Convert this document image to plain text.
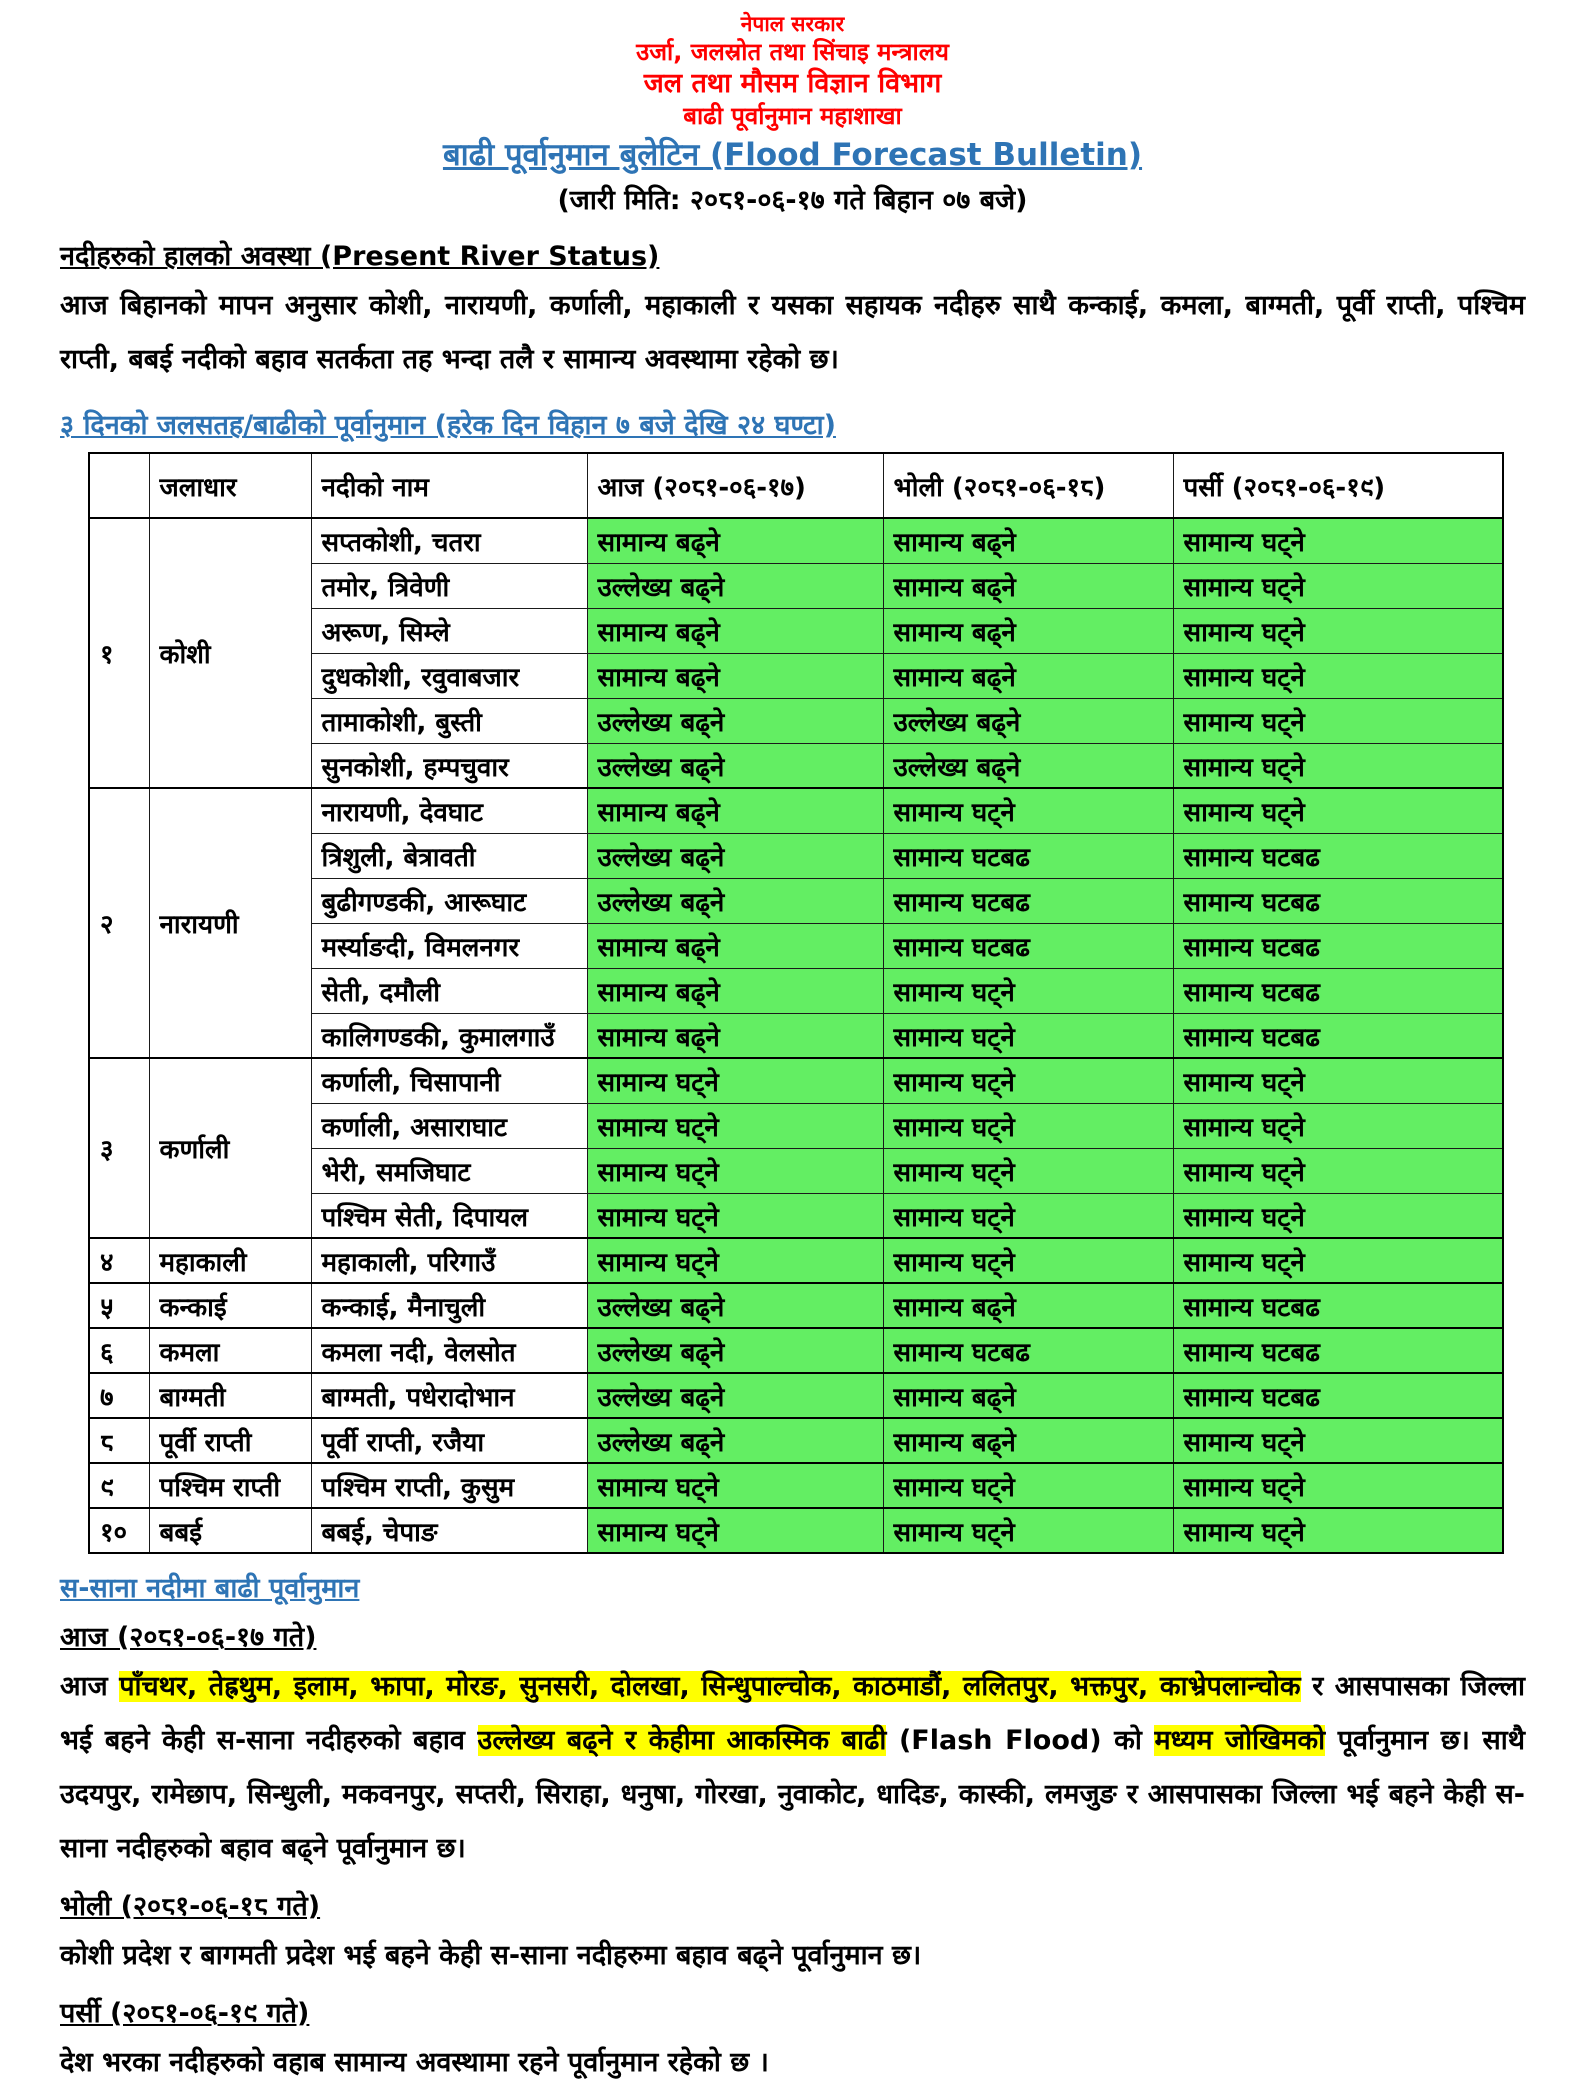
नेपाल सरकार
उर्जा, जलस्रोत तथा सिंचाइ मन्त्रालय
जल तथा मौसम विज्ञान विभाग
बाढी पूर्वानुमान महाशाखा
बाढी पूर्वानुमान बुलेटिन (Flood Forecast Bulletin)
(जारी मिति: २०८१-०६-१७ गते बिहान ०७ बजे)
नदीहरुको हालको अवस्था (Present River Status)
आज बिहानको मापन अनुसार कोशी, नारायणी, कर्णाली, महाकाली र यसका सहायक नदीहरु साथै कन्काई, कमला, बाग्मती, पूर्वी राप्ती, पश्चिम राप्ती, बबई नदीको बहाव सतर्कता तह भन्दा तलै र सामान्य अवस्थामा रहेको छ।
३ दिनको जलसतह/बाढीको पूर्वानुमान (हरेक दिन विहान ७ बजे देखि २४ घण्टा)
	जलाधार	नदीको नाम	आज (२०८१-०६-१७)	भोली (२०८१-०६-१८)	पर्सी (२०८१-०६-१९)
१	कोशी	सप्तकोशी, चतरा	सामान्य बढ्ने	सामान्य बढ्ने	सामान्य घट्ने
		तमोर, त्रिवेणी	उल्लेख्य बढ्ने	सामान्य बढ्ने	सामान्य घट्ने
		अरूण, सिम्ले	सामान्य बढ्ने	सामान्य बढ्ने	सामान्य घट्ने
		दुधकोशी, रवुवाबजार	सामान्य बढ्ने	सामान्य बढ्ने	सामान्य घट्ने
		तामाकोशी, बुस्ती	उल्लेख्य बढ्ने	उल्लेख्य बढ्ने	सामान्य घट्ने
		सुनकोशी, हम्पचुवार	उल्लेख्य बढ्ने	उल्लेख्य बढ्ने	सामान्य घट्ने
२	नारायणी	नारायणी, देवघाट	सामान्य बढ्ने	सामान्य घट्ने	सामान्य घट्ने
		त्रिशुली, बेत्रावती	उल्लेख्य बढ्ने	सामान्य घटबढ	सामान्य घटबढ
		बुढीगण्डकी, आरूघाट	उल्लेख्य बढ्ने	सामान्य घटबढ	सामान्य घटबढ
		मर्स्याङदी, विमलनगर	सामान्य बढ्ने	सामान्य घटबढ	सामान्य घटबढ
		सेती, दमौली	सामान्य बढ्ने	सामान्य घट्ने	सामान्य घटबढ
		कालिगण्डकी, कुमालगाउँ	सामान्य बढ्ने	सामान्य घट्ने	सामान्य घटबढ
३	कर्णाली	कर्णाली, चिसापानी	सामान्य घट्ने	सामान्य घट्ने	सामान्य घट्ने
		कर्णाली, असाराघाट	सामान्य घट्ने	सामान्य घट्ने	सामान्य घट्ने
		भेरी, समजिघाट	सामान्य घट्ने	सामान्य घट्ने	सामान्य घट्ने
		पश्चिम सेती, दिपायल	सामान्य घट्ने	सामान्य घट्ने	सामान्य घट्ने
४	महाकाली	महाकाली, परिगाउँ	सामान्य घट्ने	सामान्य घट्ने	सामान्य घट्ने
५	कन्काई	कन्काई, मैनाचुली	उल्लेख्य बढ्ने	सामान्य बढ्ने	सामान्य घटबढ
६	कमला	कमला नदी, वेलसोत	उल्लेख्य बढ्ने	सामान्य घटबढ	सामान्य घटबढ
७	बाग्मती	बाग्मती, पधेरादोभान	उल्लेख्य बढ्ने	सामान्य बढ्ने	सामान्य घटबढ
८	पूर्वी राप्ती	पूर्वी राप्ती, रजैया	उल्लेख्य बढ्ने	सामान्य बढ्ने	सामान्य घट्ने
९	पश्चिम राप्ती	पश्चिम राप्ती, कुसुम	सामान्य घट्ने	सामान्य घट्ने	सामान्य घट्ने
१०	बबई	बबई, चेपाङ	सामान्य घट्ने	सामान्य घट्ने	सामान्य घट्ने
स-साना नदीमा बाढी पूर्वानुमान
आज (२०८१-०६-१७ गते)
आज पाँचथर, तेह्रथुम, इलाम, झापा, मोरङ, सुनसरी, दोलखा, सिन्धुपाल्चोक, काठमाडौं, ललितपुर, भक्तपुर, काभ्रेपलान्चोक र आसपासका जिल्ला भई बहने केही स-साना नदीहरुको बहाव उल्लेख्य बढ्ने र केहीमा आकस्मिक बाढी (Flash Flood) को मध्यम जोखिमको पूर्वानुमान छ। साथै उदयपुर, रामेछाप, सिन्धुली, मकवनपुर, सप्तरी, सिराहा, धनुषा, गोरखा, नुवाकोट, धादिङ, कास्की, लमजुङ र आसपासका जिल्ला भई बहने केही स-साना नदीहरुको बहाव बढ्ने पूर्वानुमान छ।
भोली (२०८१-०६-१८ गते)
कोशी प्रदेश र बागमती प्रदेश भई बहने केही स-साना नदीहरुमा बहाव बढ्ने पूर्वानुमान छ।
पर्सी (२०८१-०६-१९ गते)
देश भरका नदीहरुको वहाब सामान्य अवस्थामा रहने पूर्वानुमान रहेको छ ।
